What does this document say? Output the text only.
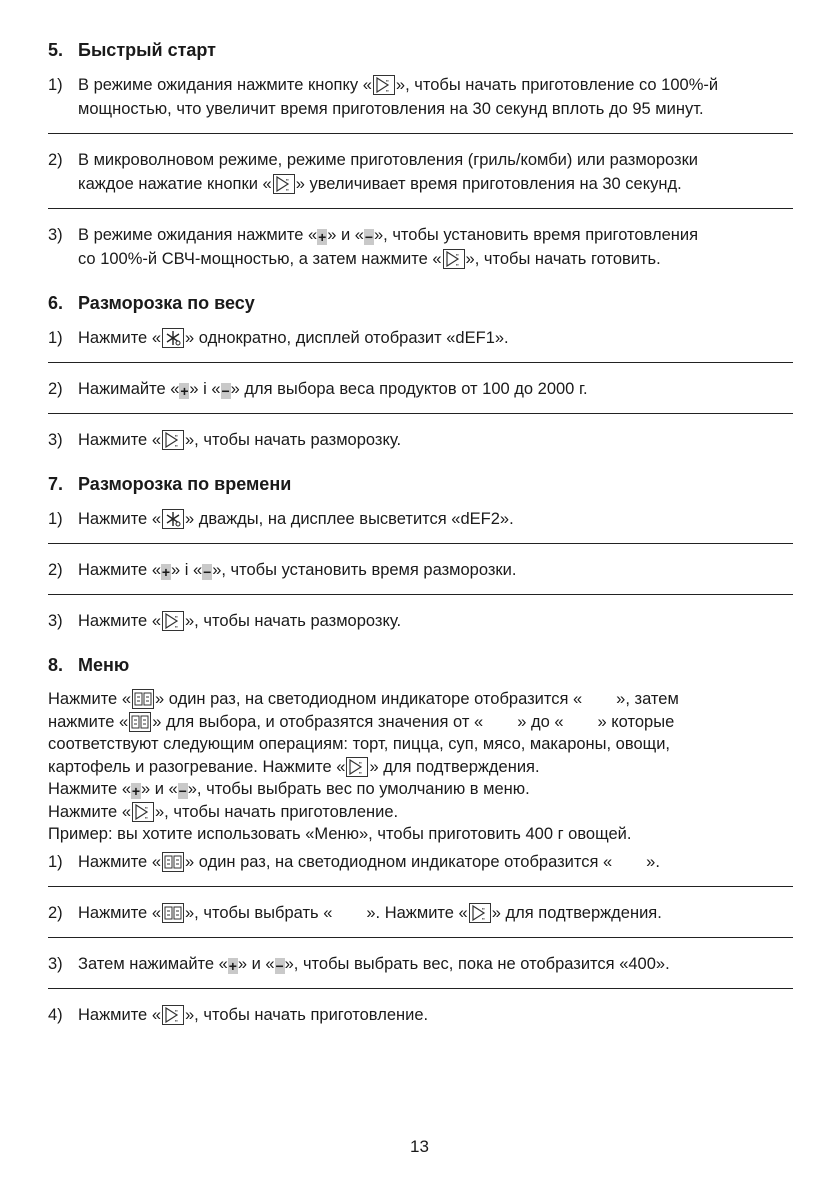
5. Быстрый старт
1) В режиме ожидания нажмите кнопку «	▪▪
▪▪ », чтобы начать приготовление со 100%-й
мощностью, что увеличит время приготовления на 30 секунд вплоть до 95 минут.
2) В микроволновом режиме, режиме приготовления (гриль/комби) или разморозки
каждое нажатие кнопки «	▪▪
▪▪ » увеличивает время приготовления на 30 секунд.
3) В режиме ожидания нажмите «+» и «−», чтобы установить время приготовления
со 100%-й СВЧ-мощностью, а затем нажмите «	▪▪
▪▪ », чтобы начать готовить.
6. Разморозка по весу
1) Нажмите « » однократно, дисплей отобразит «dEF1».
2) Нажимайте «+» і «−» для выбора веса продуктов от 100 до 2000 г.
3) Нажмите «	▪▪
▪▪ », чтобы начать разморозку.
7. Разморозка по времени
1) Нажмите « » дважды, на дисплее высветится «dEF2».
2) Нажмите «+» і «−», чтобы установить время разморозки.
3) Нажмите «	▪▪
▪▪ », чтобы начать разморозку.
8. Меню
Нажмите « » один раз, на светодиодном индикаторе отобразится « », затем
нажмите « » для выбора, и отобразятся значения от « » до « » которые
соответствуют следующим операциям: торт, пицца, суп, мясо, макароны, овощи,
картофель и разогревание. Нажмите «	▪▪
▪▪ » для подтверждения.
Нажмите «+» и «−», чтобы выбрать вес по умолчанию в меню.
Нажмите «	▪▪
▪▪ », чтобы начать приготовление.
Пример: вы хотите использовать «Меню», чтобы приготовить 400 г овощей.
1) Нажмите « » один раз, на светодиодном индикаторе отобразится « ».
2) Нажмите « », чтобы выбрать « ». Нажмите «	▪▪
▪▪ » для подтверждения.
3) Затем нажимайте «+» и «−», чтобы выбрать вес, пока не отобразится «400».
4) Нажмите «	▪▪
▪▪ », чтобы начать приготовление.
13
